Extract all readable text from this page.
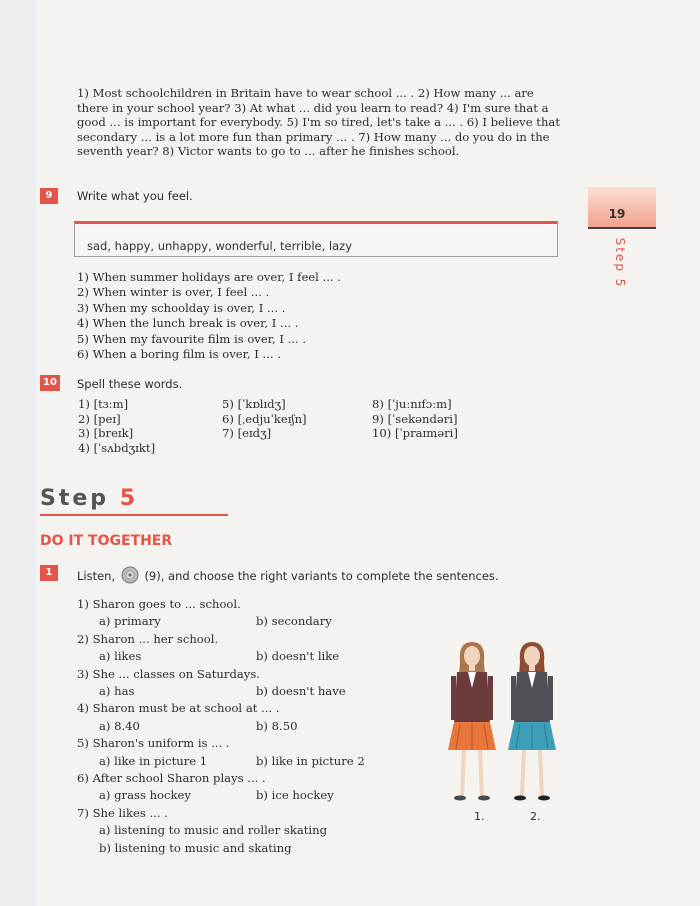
1) Most schoolchildren in Britain have to wear school ... . 2) How many ... are there in your school year? 3) At what ... did you learn to read? 4) I'm sure that a good ... is important for everybody. 5) I'm so tired, let's take a ... . 6) I believe that secondary ... is a lot more fun than primary ... . 7) How many ... do you do in the seventh year? 8) Victor wants to go to ... after he finishes school.
9	Write what you feel.
sad, happy, unhappy, wonderful, terrible, lazy
1) When summer holidays are over, I feel ... .
2) When winter is over, I feel ... .
3) When my schoolday is over, I ... .
4) When the lunch break is over, I ... .
5) When my favourite film is over, I ... .
6) When a boring film is over, I ... .
19
Step 5
10 Spell these words.
1) [tɜːm]
2) [peɪ]
3) [breɪk]
4) [ˈsʌbdʒɪkt]
5) [ˈkɒlɪdʒ]
6) [ˌedjuˈkeɪʃn]
7) [eɪdʒ]
8) [ˈjuːnɪfɔːm]
9) [ˈsekəndəri]
10) [ˈpraɪməri]
Step 5
DO IT TOGETHER
1	Listen,	(9), and choose the right variants to complete the sentences.
1) Sharon goes to ... school.
a) primary	b) secondary
2) Sharon ... her school.
a) likes	b) doesn't like
3) She ... classes on Saturdays.
a) has	b) doesn't have
4) Sharon must be at school at ... .
a) 8.40	b) 8.50
5) Sharon's uniform is ... .
a) like in picture 1	b) like in picture 2
6) After school Sharon plays ... .
a) grass hockey	b) ice hockey
7) She likes ... .
a) listening to music and roller skating
b) listening to music and skating
1.	2.
